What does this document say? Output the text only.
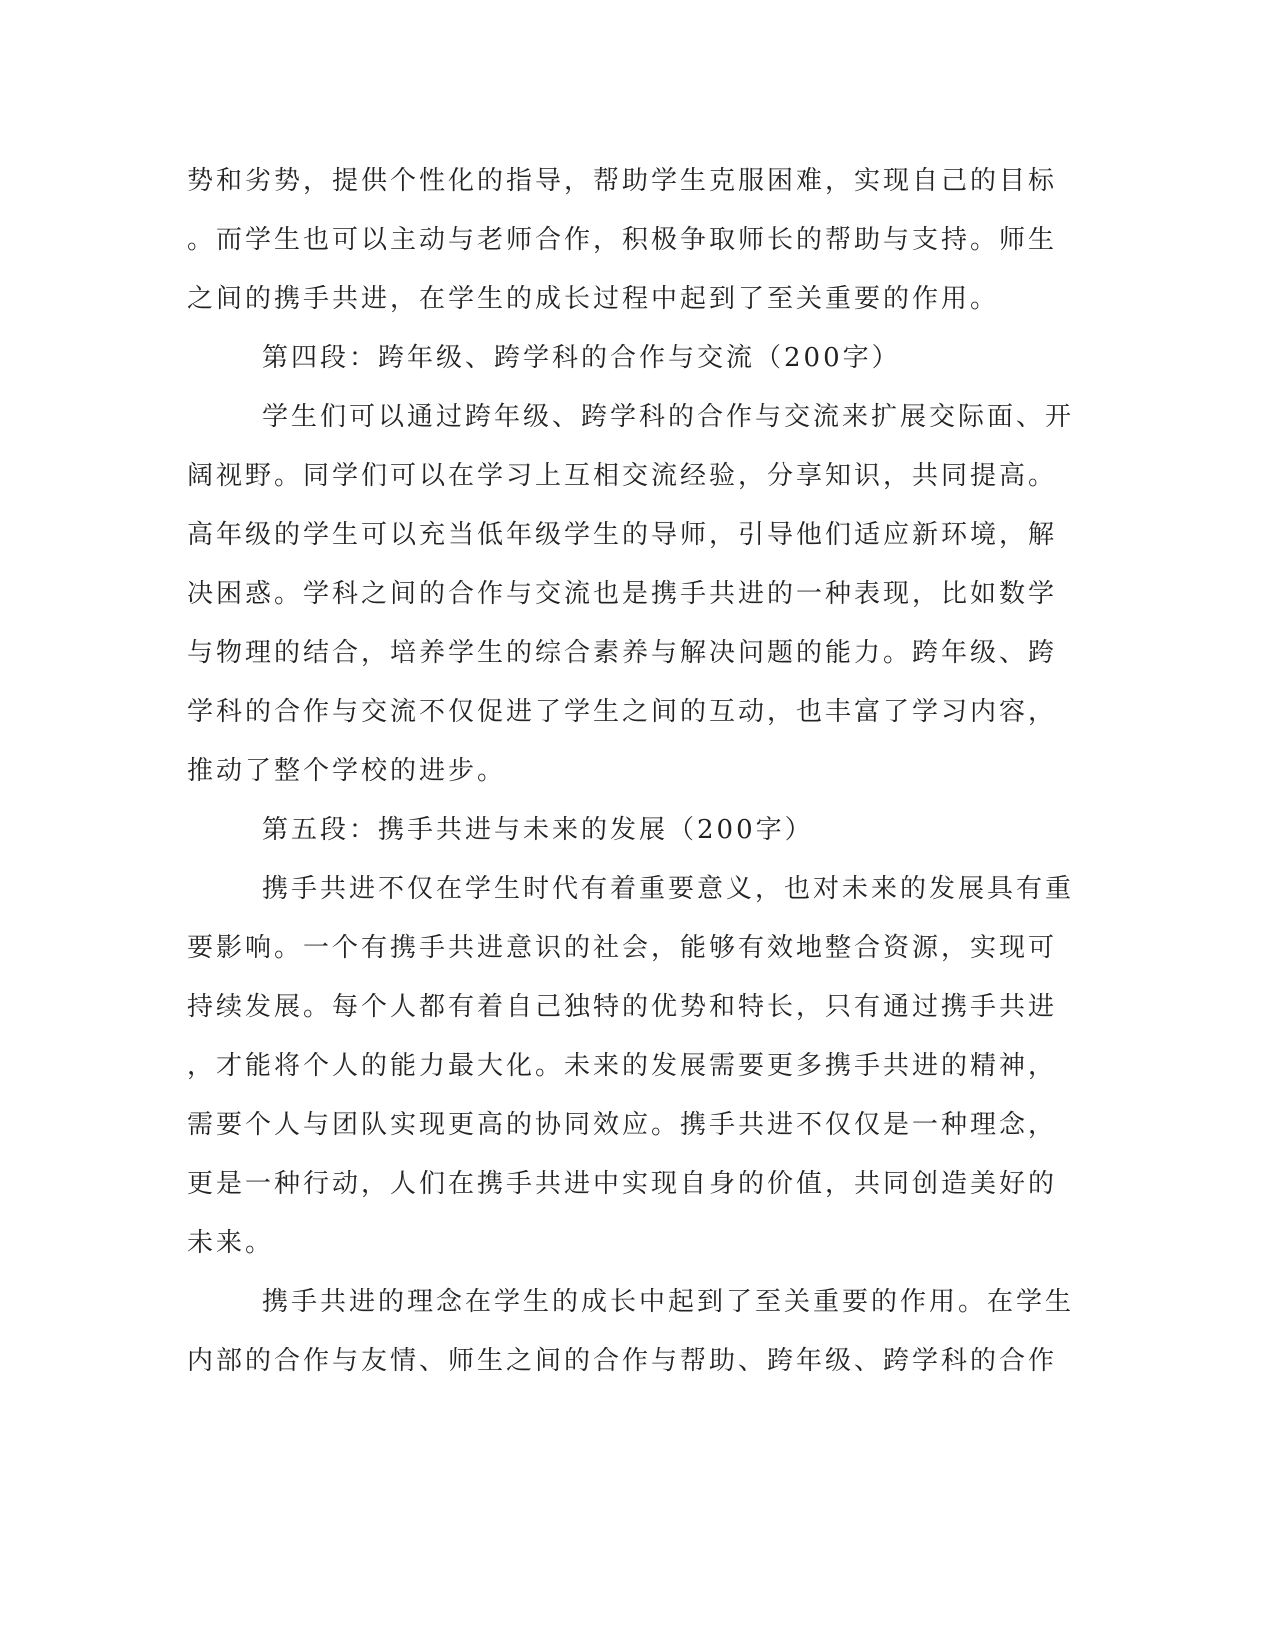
势和劣势，提供个性化的指导，帮助学生克服困难，实现自己的目标

。而学生也可以主动与老师合作，积极争取师长的帮助与支持。师生

之间的携手共进，在学生的成长过程中起到了至关重要的作用。

第四段：跨年级、跨学科的合作与交流（200字）

学生们可以通过跨年级、跨学科的合作与交流来扩展交际面、开

阔视野。同学们可以在学习上互相交流经验，分享知识，共同提高。

高年级的学生可以充当低年级学生的导师，引导他们适应新环境，解

决困惑。学科之间的合作与交流也是携手共进的一种表现，比如数学

与物理的结合，培养学生的综合素养与解决问题的能力。跨年级、跨

学科的合作与交流不仅促进了学生之间的互动，也丰富了学习内容，

推动了整个学校的进步。

第五段：携手共进与未来的发展（200字）

携手共进不仅在学生时代有着重要意义，也对未来的发展具有重

要影响。一个有携手共进意识的社会，能够有效地整合资源，实现可

持续发展。每个人都有着自己独特的优势和特长，只有通过携手共进

，才能将个人的能力最大化。未来的发展需要更多携手共进的精神，

需要个人与团队实现更高的协同效应。携手共进不仅仅是一种理念，

更是一种行动，人们在携手共进中实现自身的价值，共同创造美好的

未来。

携手共进的理念在学生的成长中起到了至关重要的作用。在学生

内部的合作与友情、师生之间的合作与帮助、跨年级、跨学科的合作
